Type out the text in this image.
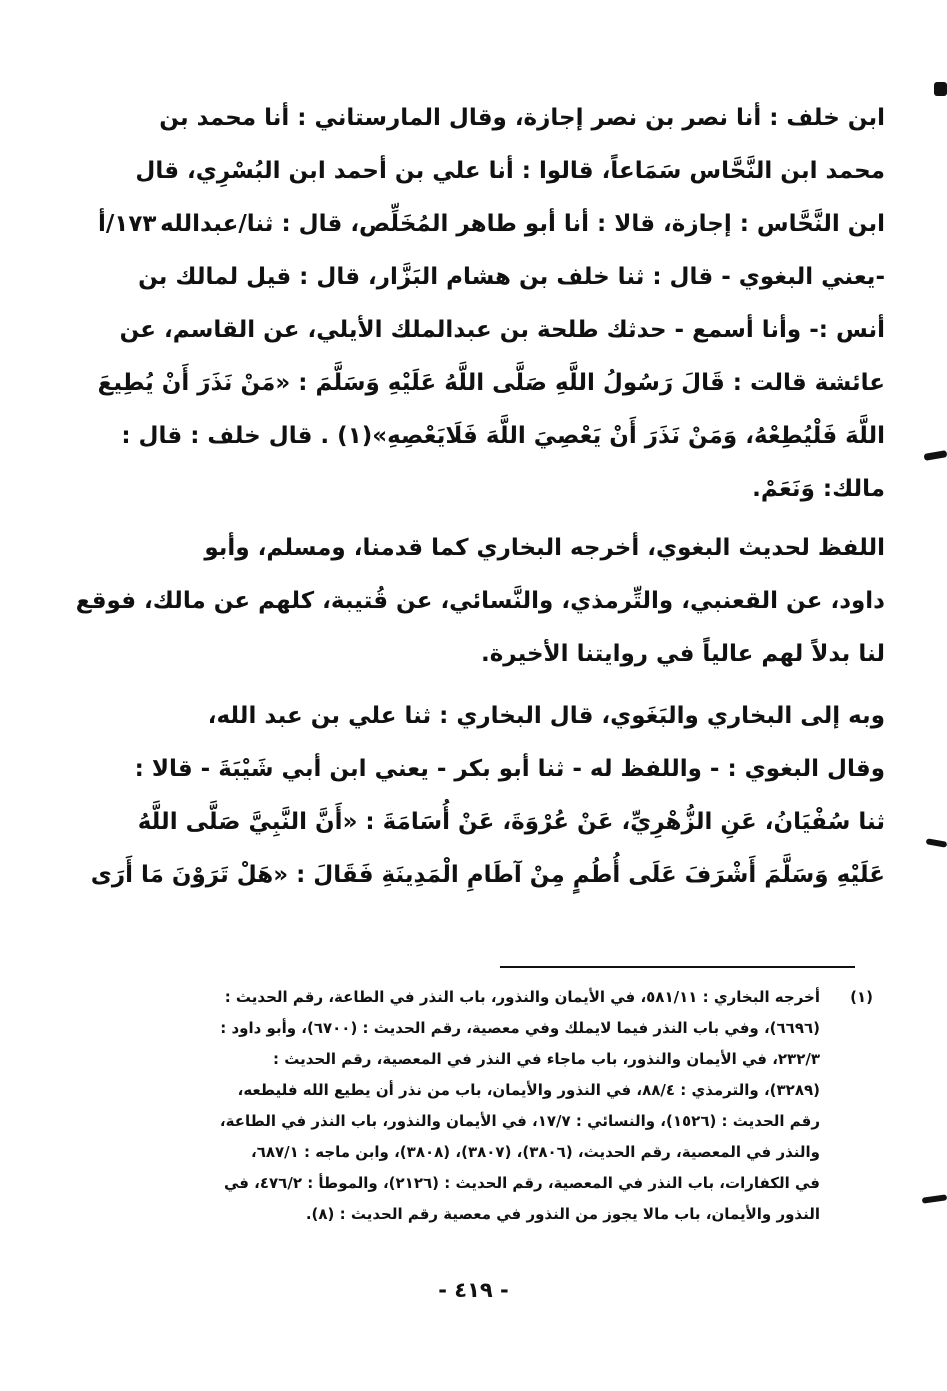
ابن خلف : أنا نصر بن نصر إجازة، وقال المارستاني : أنا محمد بن
محمد ابن النَّحَّاس سَمَاعاً، قالوا : أنا علي بن أحمد ابن البُسْرِي، قال
ابن النَّحَّاس : إجازة، قالا : أنا أبو طاهر المُخَلِّص، قال : ثنا/عبدالله
-يعني البغوي - قال : ثنا خلف بن هشام البَزَّار، قال : قيل لمالك بن
أنس :- وأنا أسمع - حدثك طلحة بن عبدالملك الأيلي، عن القاسم، عن
عائشة قالت : قَالَ رَسُولُ اللَّهِ صَلَّى اللَّهُ عَلَيْهِ وَسَلَّمَ : «مَنْ نَذَرَ أَنْ يُطِيعَ
اللَّهَ فَلْيُطِعْهُ، وَمَنْ نَذَرَ أَنْ يَعْصِيَ اللَّهَ فَلَايَعْصِهِ»(١) . قال خلف : قال :
مالك: وَنَعَمْ.
١٧٣/أ
اللفظ لحديث البغوي، أخرجه البخاري كما قدمنا، ومسلم، وأبو
داود، عن القعنبي، والتِّرمذي، والنَّسائي، عن قُتيبة، كلهم عن مالك، فوقع
لنا بدلاً لهم عالياً في روايتنا الأخيرة.
وبه إلى البخاري والبَغَوي، قال البخاري : ثنا علي بن عبد الله،
وقال البغوي : - واللفظ له - ثنا أبو بكر - يعني ابن أبي شَيْبَةَ - قالا :
ثنا سُفْيَانُ، عَنِ الزُّهْرِيِّ، عَنْ عُرْوَةَ، عَنْ أُسَامَةَ : «أَنَّ النَّبِيَّ صَلَّى اللَّهُ
عَلَيْهِ وَسَلَّمَ أَشْرَفَ عَلَى أُطُمٍ مِنْ آطَامِ الْمَدِينَةِ فَقَالَ : «هَلْ تَرَوْنَ مَا أَرَى
(١)
أخرجه البخاري : ٥٨١/١١، في الأيمان والنذور، باب النذر في الطاعة، رقم الحديث :
(٦٦٩٦)، وفي باب النذر فيما لايملك وفي معصية، رقم الحديث : (٦٧٠٠)، وأبو داود :
٢٣٢/٣، في الأيمان والنذور، باب ماجاء في النذر في المعصية، رقم الحديث :
(٣٢٨٩)، والترمذي : ٨٨/٤، في النذور والأيمان، باب من نذر أن يطيع الله فليطعه،
رقم الحديث : (١٥٢٦)، والنسائي : ١٧/٧، في الأيمان والنذور، باب النذر في الطاعة،
والنذر في المعصية، رقم الحديث، (٣٨٠٦)، (٣٨٠٧)، (٣٨٠٨)، وابن ماجه : ٦٨٧/١،
في الكفارات، باب النذر في المعصية، رقم الحديث : (٢١٢٦)، والموطأ : ٤٧٦/٢، في
النذور والأيمان، باب مالا يجوز من النذور في معصية رقم الحديث : (٨).
- ٤١٩ -
